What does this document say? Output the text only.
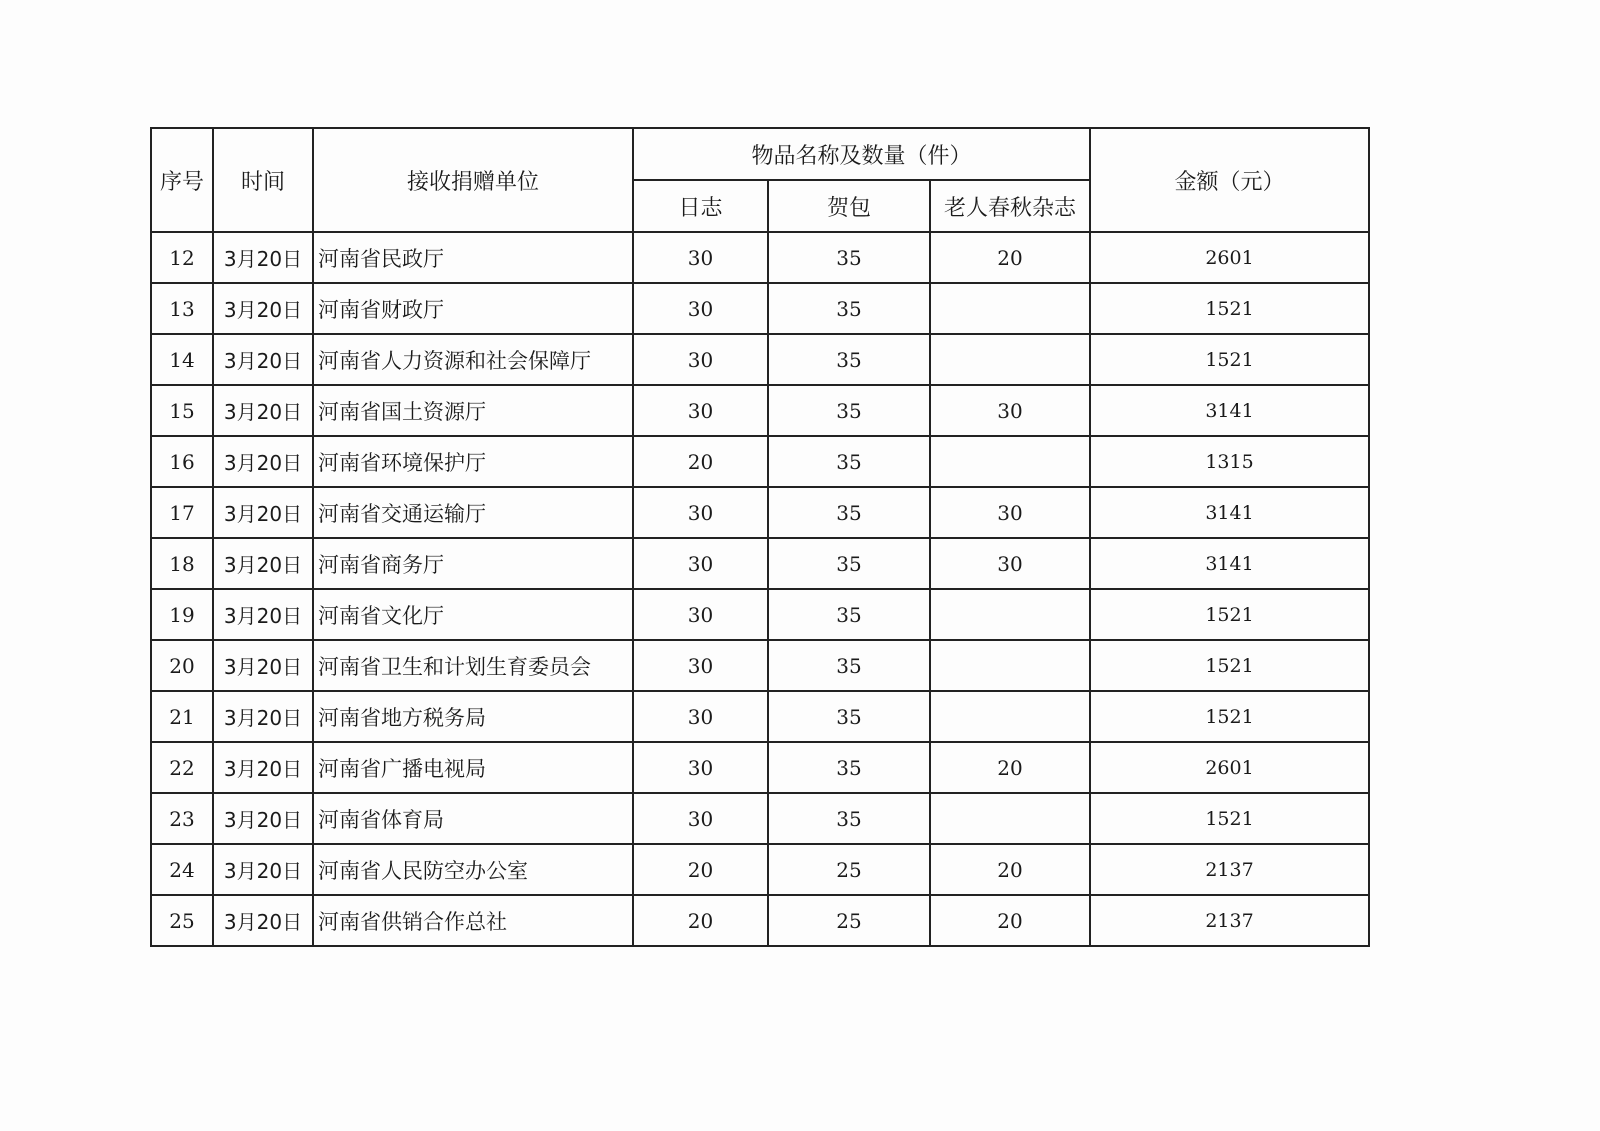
序号	时间	接收捐赠单位	物品名称及数量（件）			金额（元）
			日志	贺包	老人春秋杂志	
12	3月20日	河南省民政厅	30	35	20	2601
13	3月20日	河南省财政厅	30	35		1521
14	3月20日	河南省人力资源和社会保障厅	30	35		1521
15	3月20日	河南省国土资源厅	30	35	30	3141
16	3月20日	河南省环境保护厅	20	35		1315
17	3月20日	河南省交通运输厅	30	35	30	3141
18	3月20日	河南省商务厅	30	35	30	3141
19	3月20日	河南省文化厅	30	35		1521
20	3月20日	河南省卫生和计划生育委员会	30	35		1521
21	3月20日	河南省地方税务局	30	35		1521
22	3月20日	河南省广播电视局	30	35	20	2601
23	3月20日	河南省体育局	30	35		1521
24	3月20日	河南省人民防空办公室	20	25	20	2137
25	3月20日	河南省供销合作总社	20	25	20	2137
